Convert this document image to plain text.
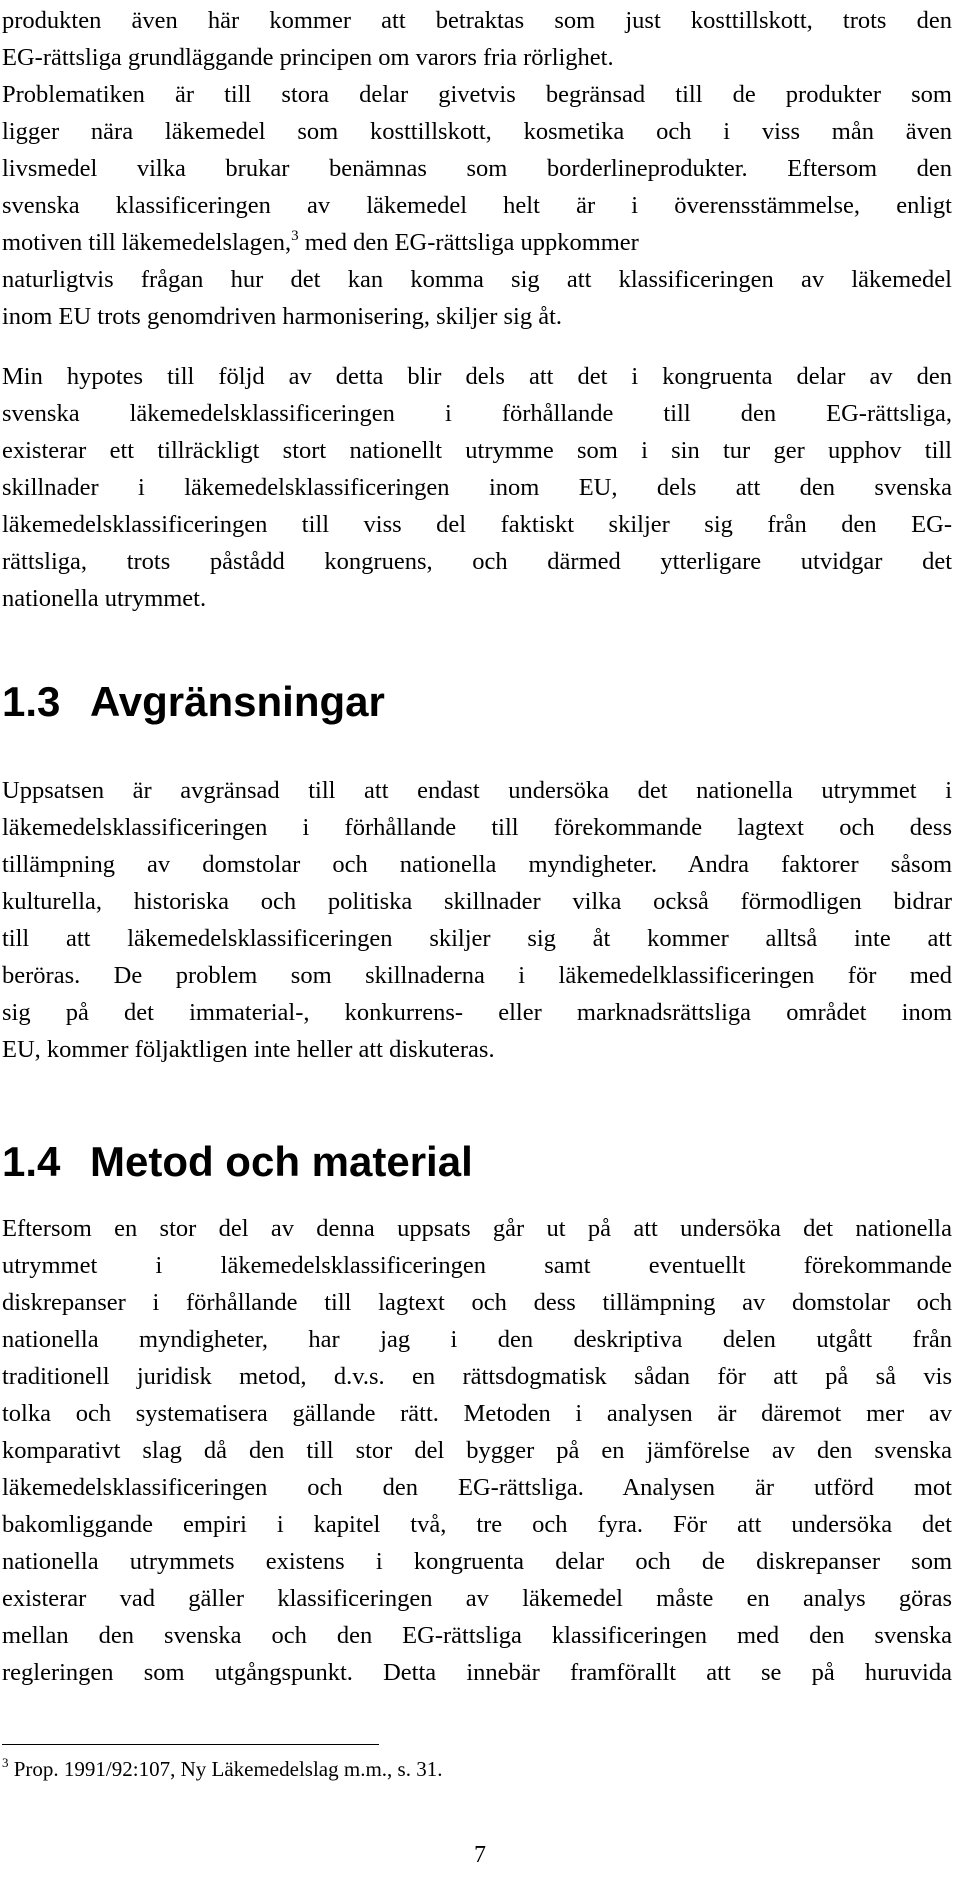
produkten även här kommer att betraktas som just kosttillskott, trots den
EG-rättsliga grundläggande principen om varors fria rörlighet.
Problematiken är till stora delar givetvis begränsad till de produkter som
ligger nära läkemedel som kosttillskott, kosmetika och i viss mån även
livsmedel vilka brukar benämnas som borderlineprodukter. Eftersom den
svenska klassificeringen av läkemedel helt är i överensstämmelse, enligt
motiven till läkemedelslagen,$^3$ med den EG-rättsliga uppkommer
naturligtvis frågan hur det kan komma sig att klassificeringen av läkemedel
inom EU trots genomdriven harmonisering, skiljer sig åt.
Min hypotes till följd av detta blir dels att det i kongruenta delar av den
svenska läkemedelsklassificeringen i förhållande till den EG-rättsliga,
existerar ett tillräckligt stort nationellt utrymme som i sin tur ger upphov till
skillnader i läkemedelsklassificeringen inom EU, dels att den svenska
läkemedelsklassificeringen till viss del faktiskt skiljer sig från den EG-
rättsliga, trots påstådd kongruens, och därmed ytterligare utvidgar det
nationella utrymmet.
1.3 Avgränsningar
Uppsatsen är avgränsad till att endast undersöka det nationella utrymmet i
läkemedelsklassificeringen i förhållande till förekommande lagtext och dess
tillämpning av domstolar och nationella myndigheter. Andra faktorer såsom
kulturella, historiska och politiska skillnader vilka också förmodligen bidrar
till att läkemedelsklassificeringen skiljer sig åt kommer alltså inte att
beröras. De problem som skillnaderna i läkemedelklassificeringen för med
sig på det immaterial-, konkurrens- eller marknadsrättsliga området inom
EU, kommer följaktligen inte heller att diskuteras.
1.4 Metod och material
Eftersom en stor del av denna uppsats går ut på att undersöka det nationella
utrymmet i läkemedelsklassificeringen samt eventuellt förekommande
diskrepanser i förhållande till lagtext och dess tillämpning av domstolar och
nationella myndigheter, har jag i den deskriptiva delen utgått från
traditionell juridisk metod, d.v.s. en rättsdogmatisk sådan för att på så vis
tolka och systematisera gällande rätt. Metoden i analysen är däremot mer av
komparativt slag då den till stor del bygger på en jämförelse av den svenska
läkemedelsklassificeringen och den EG-rättsliga. Analysen är utförd mot
bakomliggande empiri i kapitel två, tre och fyra. För att undersöka det
nationella utrymmets existens i kongruenta delar och de diskrepanser som
existerar vad gäller klassificeringen av läkemedel måste en analys göras
mellan den svenska och den EG-rättsliga klassificeringen med den svenska
regleringen som utgångspunkt. Detta innebär framförallt att se på huruvida

$^3$ Prop. 1991/92:107, Ny Läkemedelslag m.m., s. 31.

7
